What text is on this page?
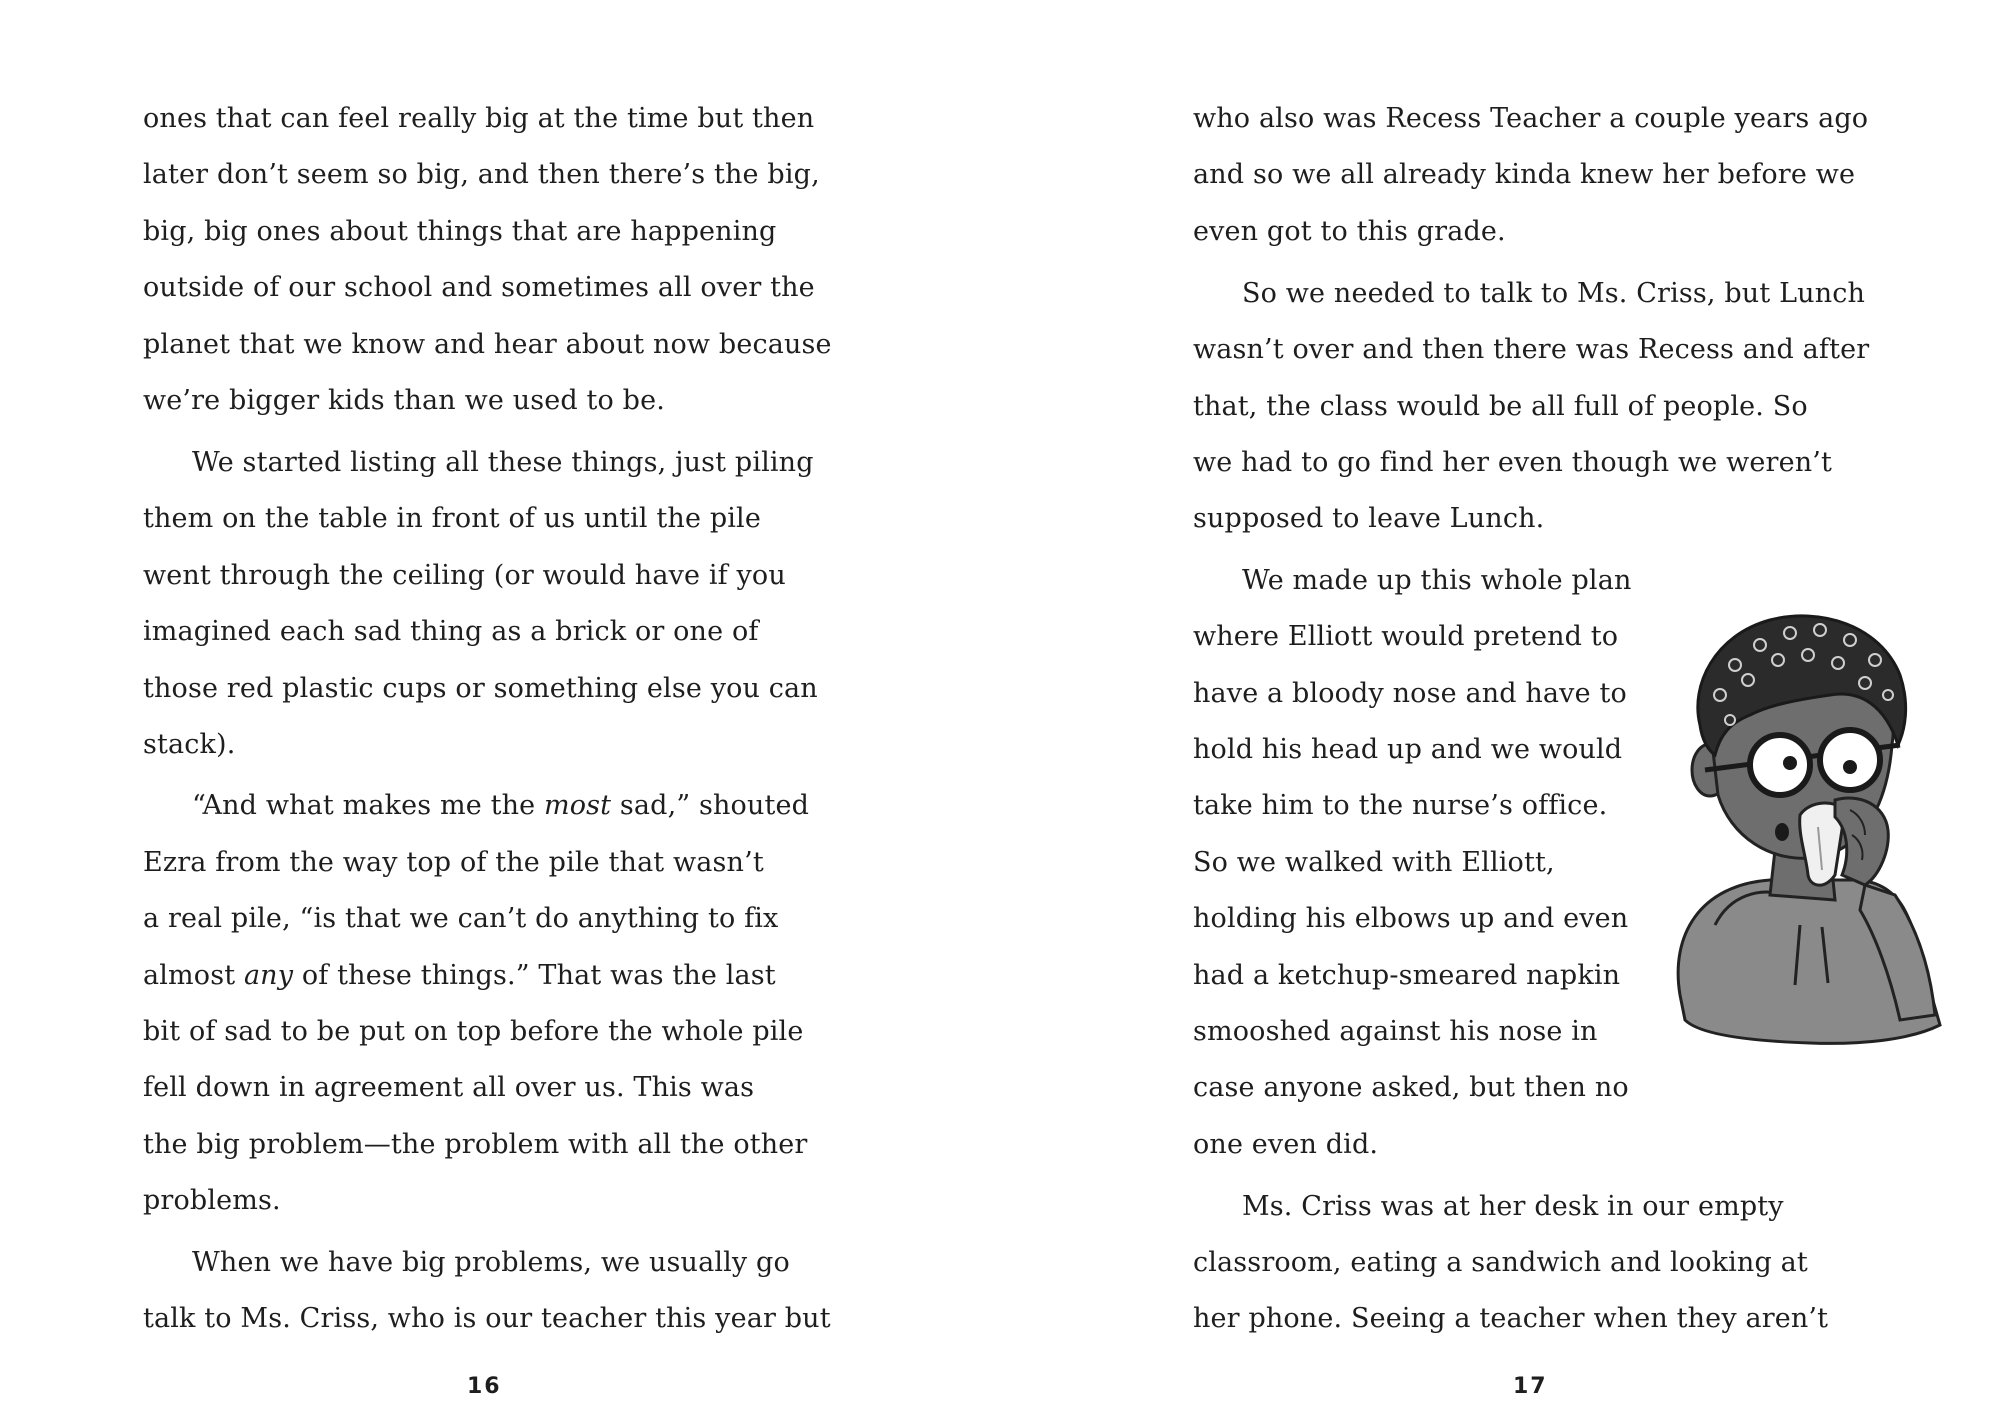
ones that can feel really big at the time but then

later don’t seem so big, and then there’s the big,

big, big ones about things that are happening

outside of our school and sometimes all over the

planet that we know and hear about now because

we’re bigger kids than we used to be.

We started listing all these things, just piling

them on the table in front of us until the pile

went through the ceiling (or would have if you

imagined each sad thing as a brick or one of

those red plastic cups or something else you can

stack).

“And what makes me the most sad,” shouted

Ezra from the way top of the pile that wasn’t

a real pile, “is that we can’t do anything to fix

almost any of these things.” That was the last

bit of sad to be put on top before the whole pile

fell down in agreement all over us. This was

the big problem—the problem with all the other

problems.

When we have big problems, we usually go

talk to Ms. Criss, who is our teacher this year but

16

who also was Recess Teacher a couple years ago

and so we all already kinda knew her before we

even got to this grade.

So we needed to talk to Ms. Criss, but Lunch

wasn’t over and then there was Recess and after

that, the class would be all full of people. So

we had to go find her even though we weren’t

supposed to leave Lunch.

We made up this whole plan

where Elliott would pretend to

have a bloody nose and have to

hold his head up and we would

take him to the nurse’s office.

So we walked with Elliott,

holding his elbows up and even

had a ketchup-smeared napkin

smooshed against his nose in

case anyone asked, but then no

one even did.

Ms. Criss was at her desk in our empty

classroom, eating a sandwich and looking at

her phone. Seeing a teacher when they aren’t

17
